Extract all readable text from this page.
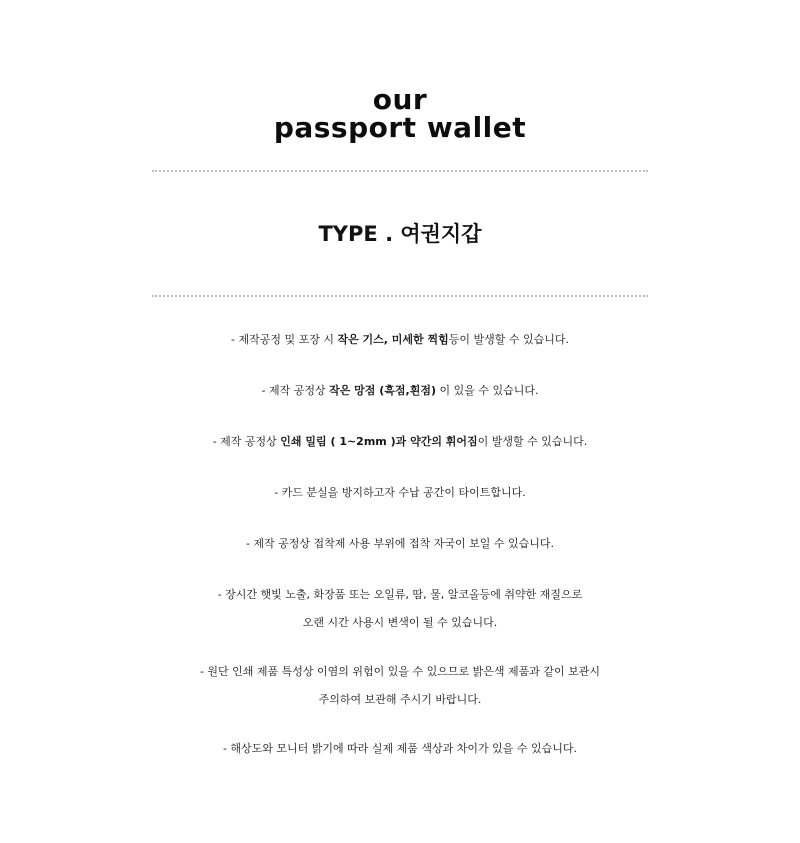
our
passport wallet
TYPE . 여권지갑
- 제작공정 및 포장 시 작은 기스, 미세한 찍힘등이 발생할 수 있습니다.
- 제작 공정상 작은 망점 (흑점,흰점) 이 있을 수 있습니다.
- 제작 공정상 인쇄 밀림 ( 1~2mm )과 약간의 휘어짐이 발생할 수 있습니다.
- 카드 분실을 방지하고자 수납 공간이 타이트합니다.
- 제작 공정상 접착제 사용 부위에 접착 자국이 보일 수 있습니다.
- 장시간 햇빛 노출, 화장품 또는 오일류, 땀, 물, 알코올등에 취약한 재질으로
오랜 시간 사용시 변색이 될 수 있습니다.
- 원단 인쇄 제품 특성상 이염의 위험이 있을 수 있으므로 밝은색 제품과 같이 보관시
주의하여 보관해 주시기 바랍니다.
- 해상도와 모니터 밝기에 따라 실제 제품 색상과 차이가 있을 수 있습니다.
